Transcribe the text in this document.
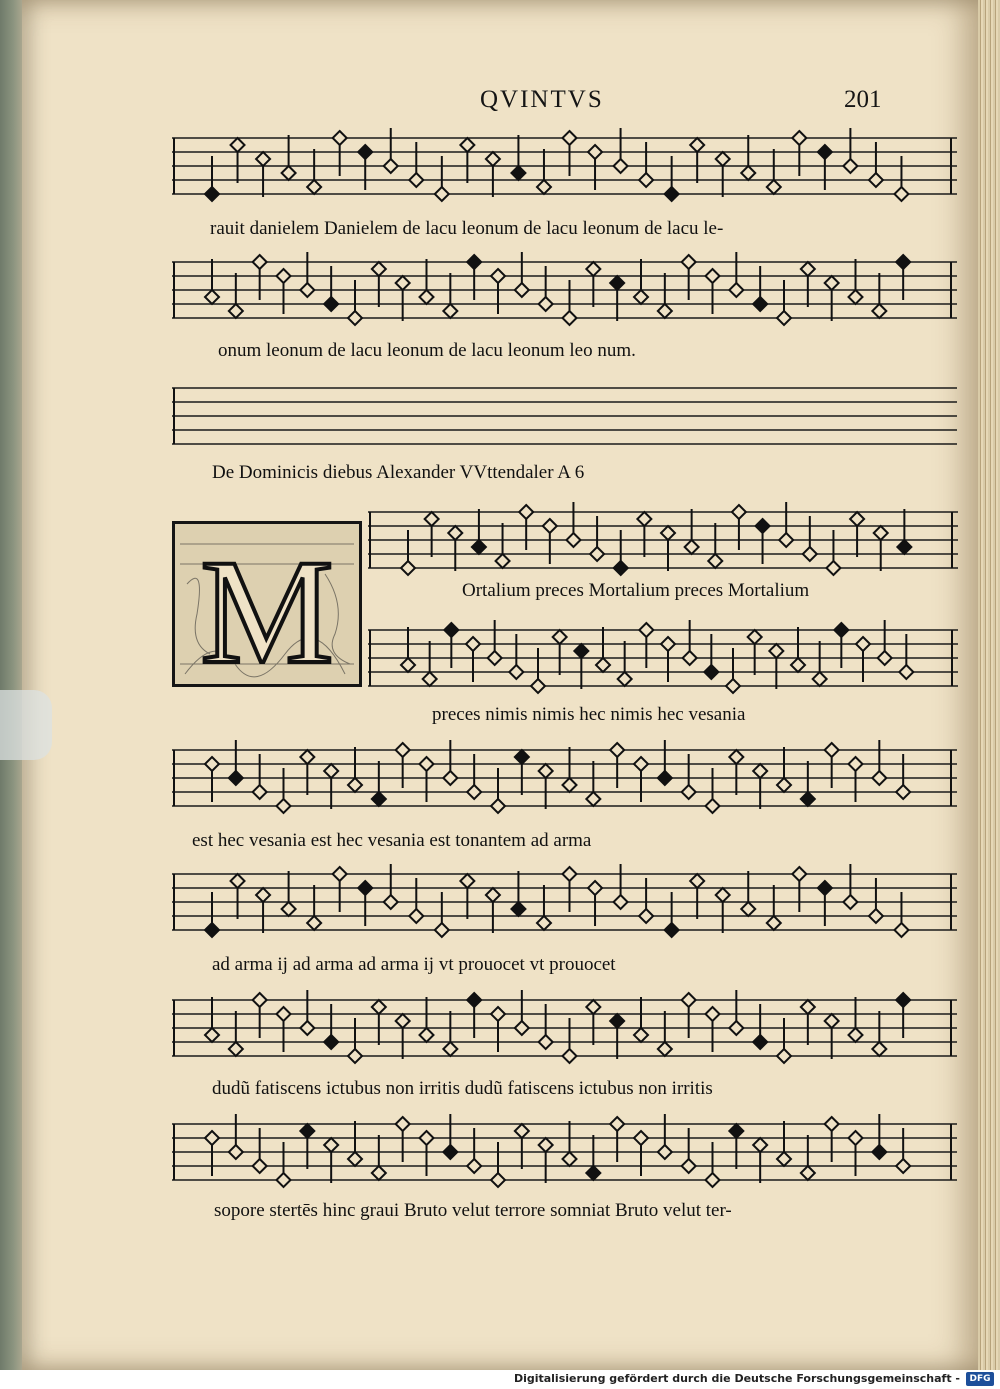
QVINTVS	201
rauit danielem Danielem de lacu leonum de lacu leonum de lacu le-
onum leonum de lacu leonum de lacu leonum leo num.
De Dominicis diebus Alexander VVttendaler A 6
M	Ortalium preces Mortalium preces Mortalium
preces nimis nimis hec nimis hec vesania
est hec vesania est hec vesania est tonantem ad arma
ad arma ij ad arma ad arma ij vt prouocet vt prouocet
dudũ fatiscens ictubus non irritis dudũ fatiscens ictubus non irritis
sopore stertēs hinc graui Bruto velut terrore somniat Bruto velut ter-
Digitalisierung gefördert durch die Deutsche Forschungsgemeinschaft -	DFG
